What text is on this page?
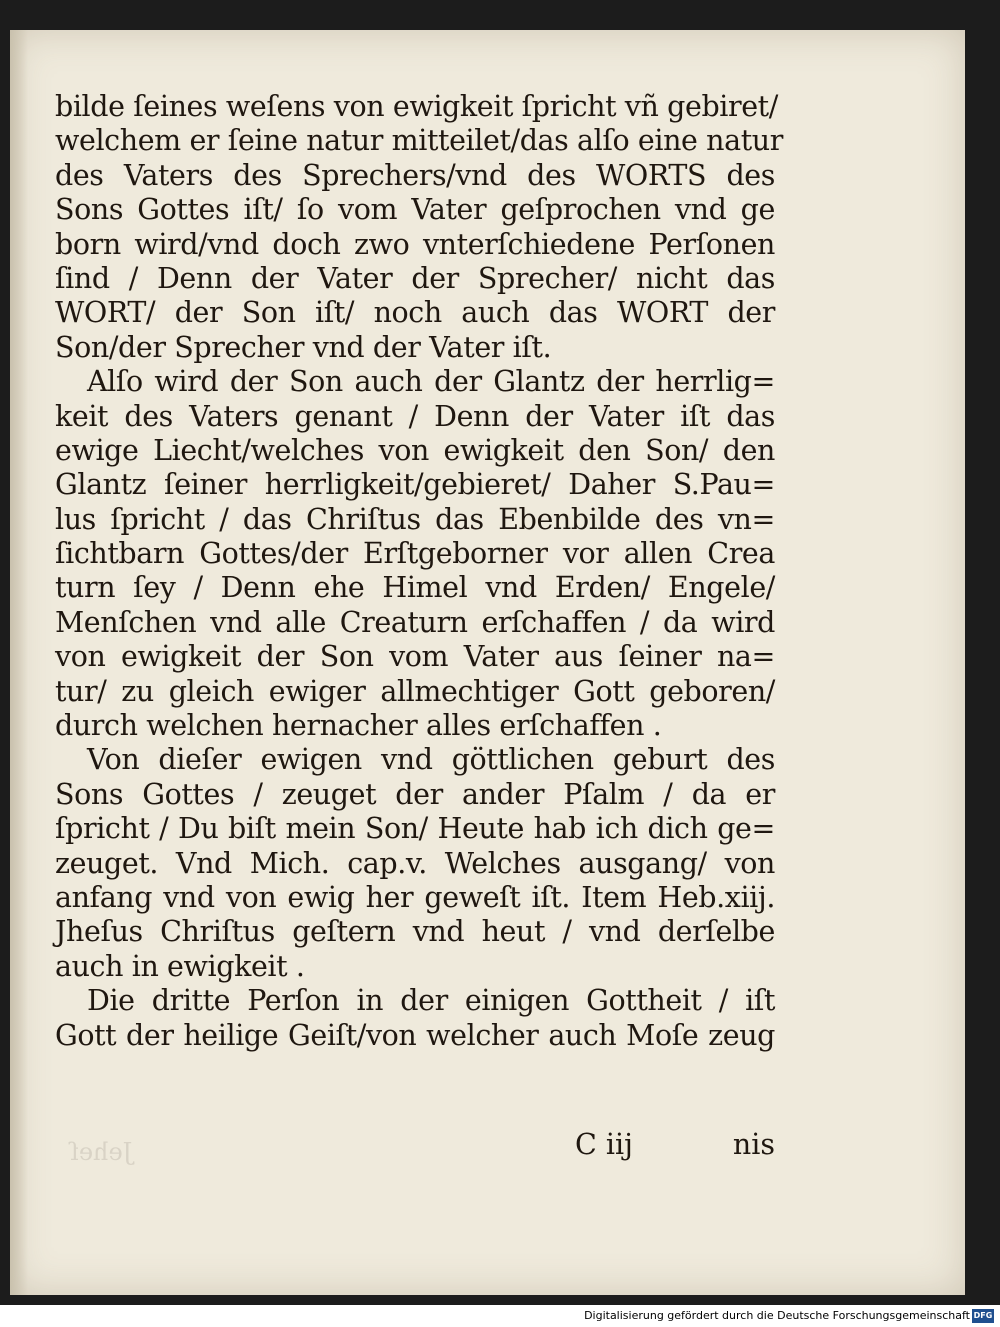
bilde ſeines weſens von ewigkeit ſpricht vñ gebiret/
welchem er ſeine natur mitteilet/das alſo eine natur
des Vaters des Sprechers/vnd des WORTS des
Sons Gottes iſt/ ſo vom Vater geſprochen vnd ge
born wird/vnd doch zwo vnterſchiedene Perſonen
ſind / Denn der Vater der Sprecher/ nicht das
WORT/ der Son iſt/ noch auch das WORT der
Son/der Sprecher vnd der Vater iſt.
Alſo wird der Son auch der Glantz der herrlig=
keit des Vaters genant / Denn der Vater iſt das
ewige Liecht/welches von ewigkeit den Son/ den
Glantz ſeiner herrligkeit/gebieret/ Daher S.Pau=
lus ſpricht / das Chriſtus das Ebenbilde des vn=
ſichtbarn Gottes/der Erſtgeborner vor allen Crea
turn ſey / Denn ehe Himel vnd Erden/ Engele/
Menſchen vnd alle Creaturn erſchaffen / da wird
von ewigkeit der Son vom Vater aus ſeiner na=
tur/ zu gleich ewiger allmechtiger Gott geboren/
durch welchen hernacher alles erſchaffen .
Von dieſer ewigen vnd göttlichen geburt des
Sons Gottes / zeuget der ander Pſalm / da er
ſpricht / Du biſt mein Son/ Heute hab ich dich ge=
zeuget. Vnd Mich. cap.v. Welches ausgang/ von
anfang vnd von ewig her geweſt iſt. Item Heb.xiij.
Jheſus Chriſtus geſtern vnd heut / vnd derſelbe
auch in ewigkeit .
Die dritte Perſon in der einigen Gottheit / iſt
Gott der heilige Geiſt/von welcher auch Moſe zeug
C iij	nis
Jeheſ
Digitalisierung gefördert durch die Deutsche Forschungsgemeinschaft DFG
